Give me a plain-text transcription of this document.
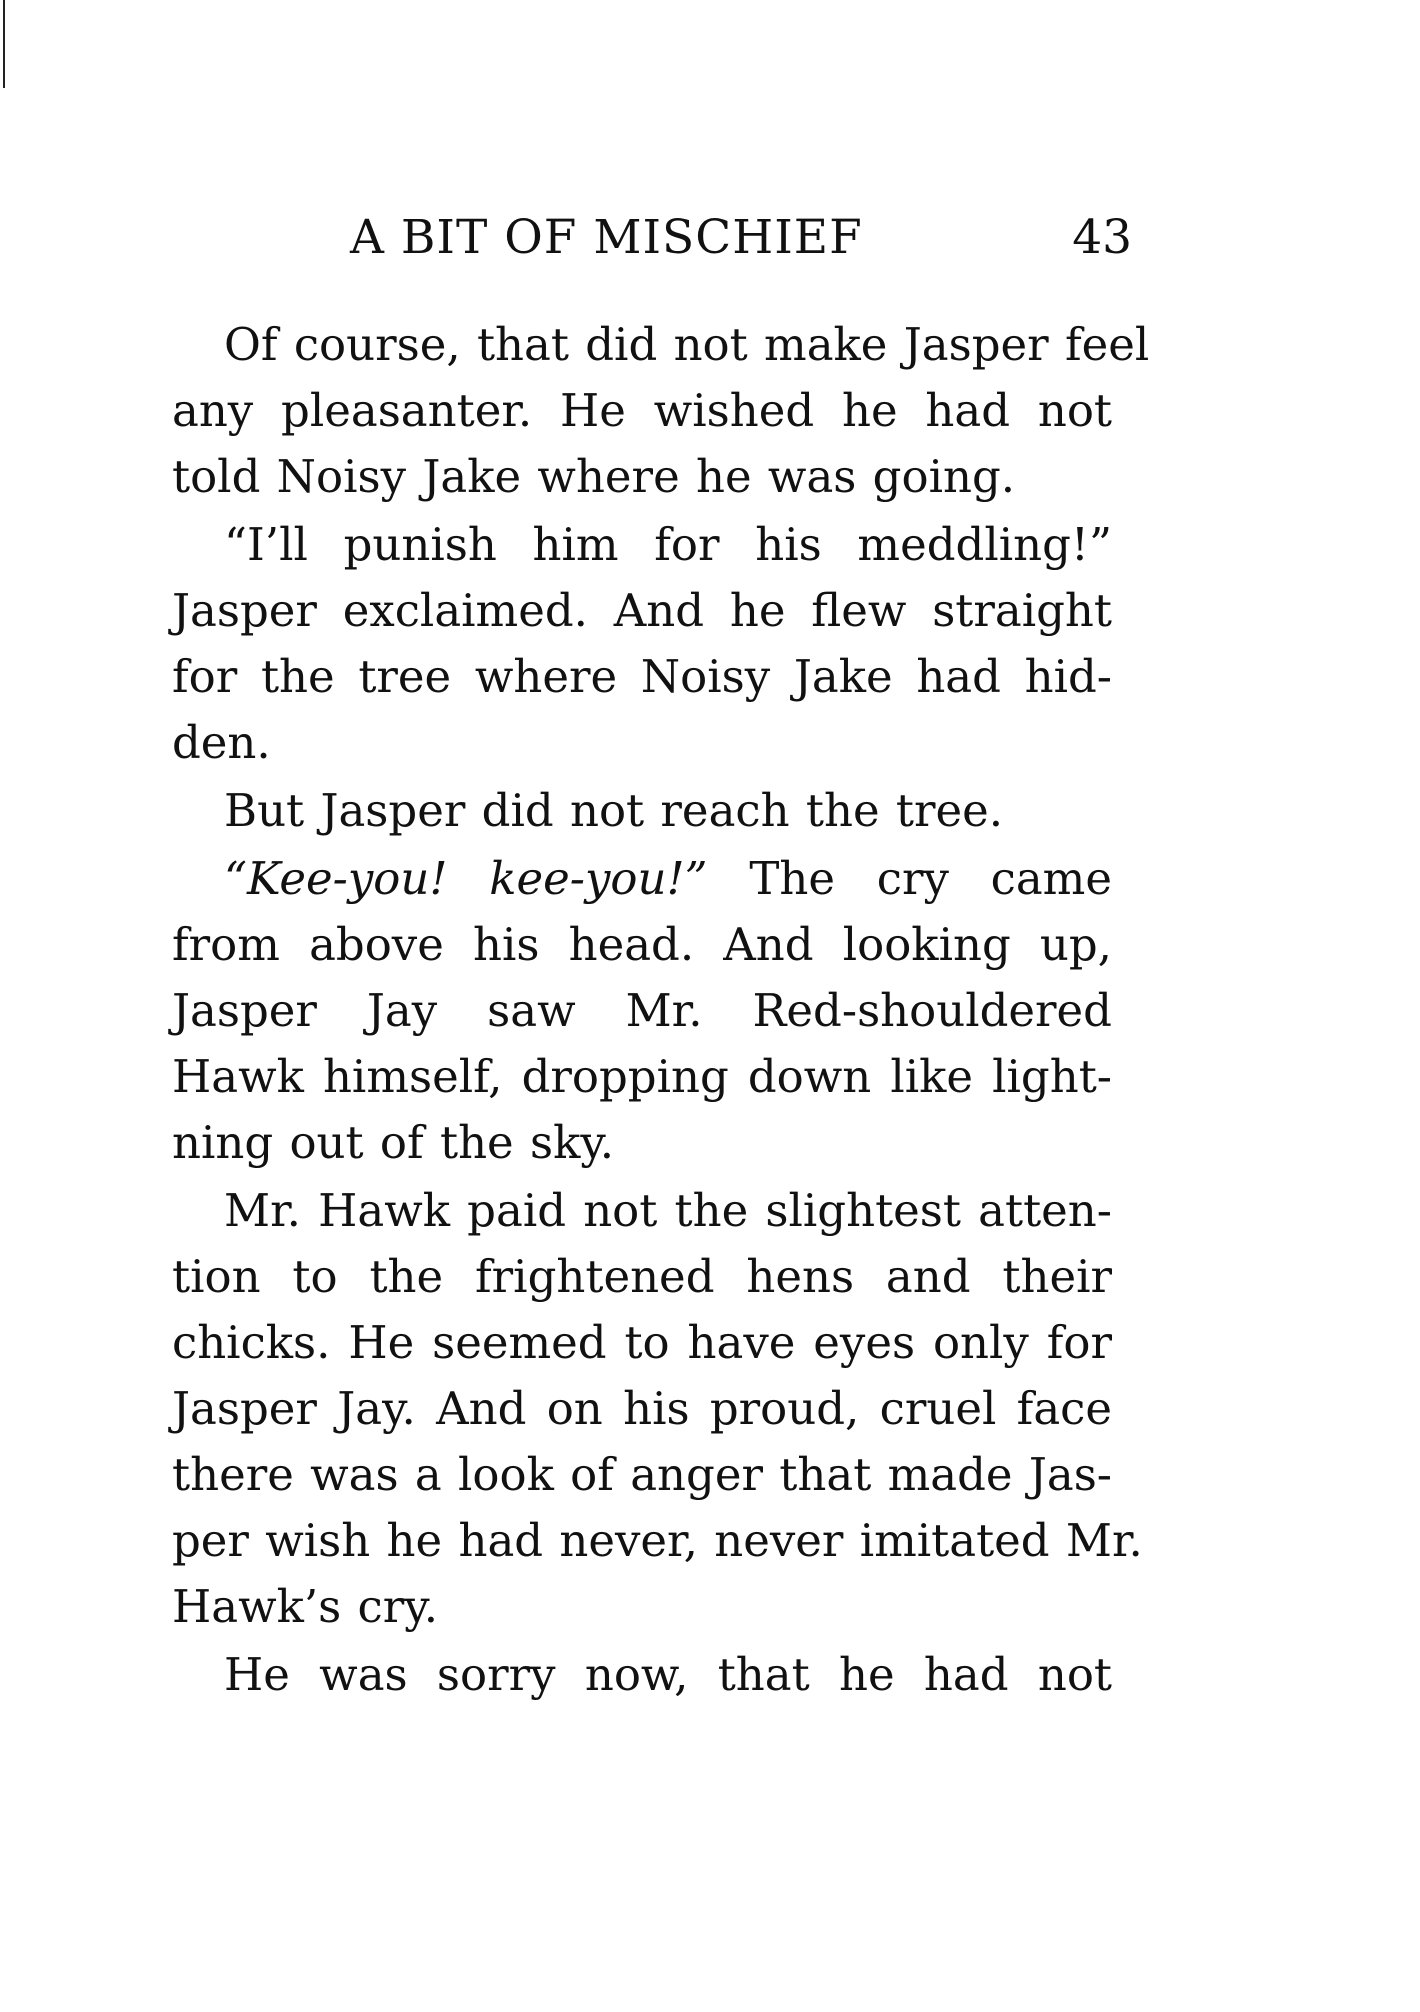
A BIT OF MISCHIEF	43
Of course, that did not make Jasper feel
any pleasanter. He wished he had not
told Noisy Jake where he was going.
“I’ll punish him for his meddling!”
Jasper exclaimed. And he flew straight
for the tree where Noisy Jake had hid-
den.
But Jasper did not reach the tree.
“Kee-you! kee-you!” The cry came
from above his head. And looking up,
Jasper Jay saw Mr. Red-shouldered
Hawk himself, dropping down like light-
ning out of the sky.
Mr. Hawk paid not the slightest atten-
tion to the frightened hens and their
chicks. He seemed to have eyes only for
Jasper Jay. And on his proud, cruel face
there was a look of anger that made Jas-
per wish he had never, never imitated Mr.
Hawk’s cry.
He was sorry now, that he had not
